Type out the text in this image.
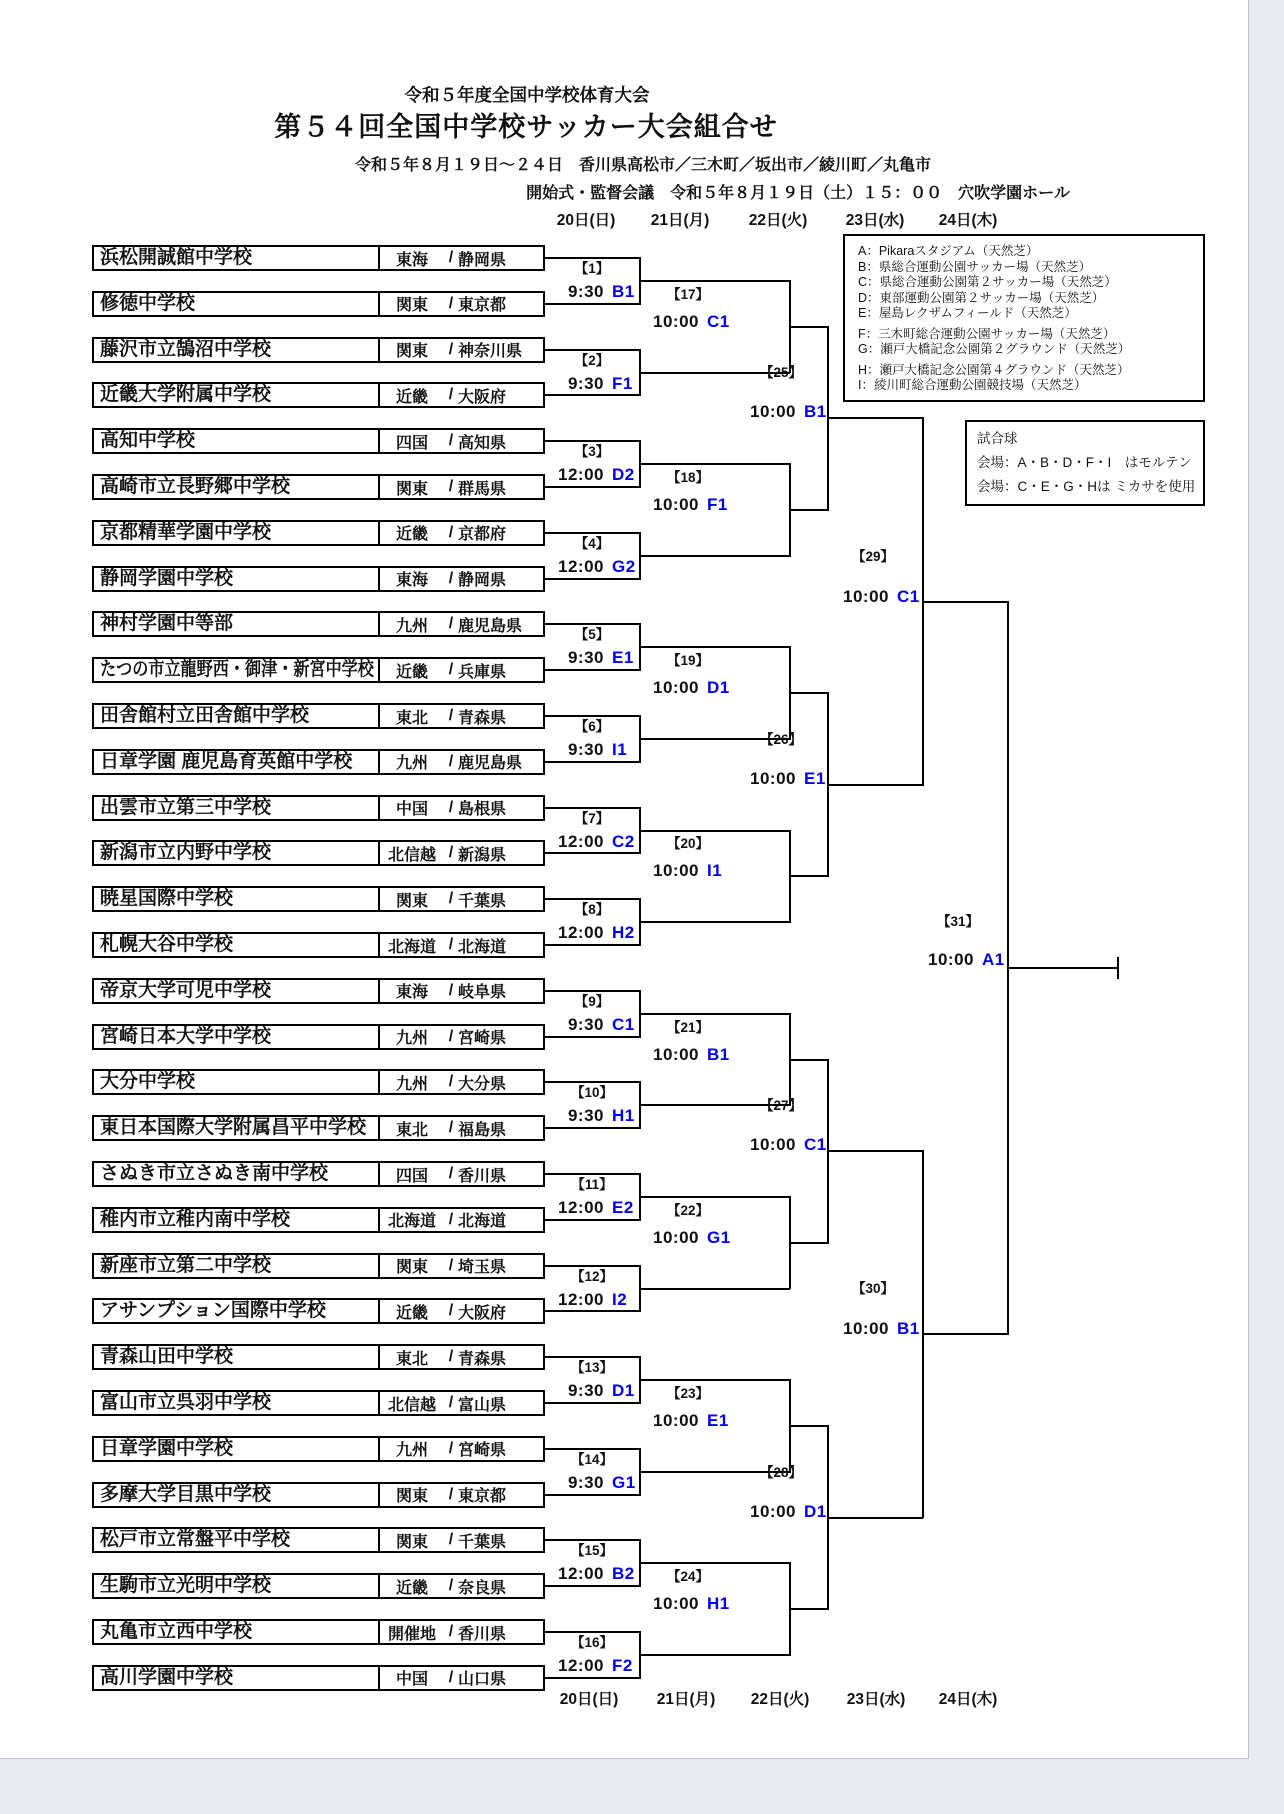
令和５年度全国中学校体育大会
第５４回全国中学校サッカー大会組合せ
令和５年８月１９日～２４日　香川県高松市／三木町／坂出市／綾川町／丸亀市
開始式・監督会議　令和５年８月１９日（土）１５：００　穴吹学園ホール
20日(日) 21日(月)	22日(火) 23日(水) 24日(木)
20日(日) 21日(月) 22日(火) 23日(水) 24日(木)
A：Pikaraスタジアム（天然芝）
B：県総合運動公園サッカー場（天然芝）
C：県総合運動公園第２サッカー場（天然芝）
D：東部運動公園第２サッカー場（天然芝）
E：屋島レクザムフィールド（天然芝）
F：三木町総合運動公園サッカー場（天然芝）
G：瀬戸大橋記念公園第２グラウンド（天然芝）
H：瀬戸大橋記念公園第４グラウンド（天然芝）
I：綾川町総合運動公園競技場（天然芝）
試合球
会場：A・B・D・F・I　はモルテン
会場：C・E・G・Hは ミカサを使用
浜松開誠館中学校	東海	/ 静岡県
修徳中学校	関東	/ 東京都
藤沢市立鵠沼中学校	関東	/ 神奈川県
近畿大学附属中学校	近畿	/ 大阪府
高知中学校	四国	/ 高知県
高崎市立長野郷中学校	関東	/ 群馬県
京都精華学園中学校	近畿	/ 京都府
静岡学園中学校	東海	/ 静岡県
神村学園中等部	九州	/ 鹿児島県
たつの市立龍野西・御津・新宮中学校	近畿	/ 兵庫県
田舎館村立田舎館中学校	東北	/ 青森県
日章学園 鹿児島育英館中学校	九州	/ 鹿児島県
出雲市立第三中学校	中国	/ 島根県
新潟市立内野中学校	北信越 / 新潟県
暁星国際中学校	関東	/ 千葉県
札幌大谷中学校	北海道 / 北海道
帝京大学可児中学校	東海	/ 岐阜県
宮崎日本大学中学校	九州	/ 宮崎県
大分中学校	九州	/ 大分県
東日本国際大学附属昌平中学校	東北	/ 福島県
さぬき市立さぬき南中学校	四国	/ 香川県
稚内市立稚内南中学校	北海道 / 北海道
新座市立第二中学校	関東	/ 埼玉県
アサンプション国際中学校	近畿	/ 大阪府
青森山田中学校	東北	/ 青森県
富山市立呉羽中学校	北信越 / 富山県
日章学園中学校	九州	/ 宮崎県
多摩大学目黒中学校	関東	/ 東京都
松戸市立常盤平中学校	関東	/ 千葉県
生駒市立光明中学校	近畿	/ 奈良県
丸亀市立西中学校	開催地 / 香川県
高川学園中学校	中国	/ 山口県
【1】
9:30 B1
【2】
9:30 F1
【3】
12:00 D2
【4】
12:00 G2
【5】
9:30 E1
【6】
9:30 I1
【7】
12:00 C2
【8】
12:00 H2
【9】
9:30 C1
【10】
9:30 H1
【11】
12:00 E2
【12】
12:00 I2
【13】
9:30 D1
【14】
9:30 G1
【15】
12:00 B2
【16】
12:00 F2
【17】
10:00 C1
【18】
10:00 F1
【19】
10:00 D1
【20】
10:00 I1
【21】
10:00 B1
【22】
10:00 G1
【23】
10:00 E1
【24】
10:00 H1
【25】
10:00 B1
【26】
10:00 E1
【27】
10:00 C1
【28】
10:00 D1
【29】
10:00 C1
【30】
10:00 B1
【31】
10:00 A1
